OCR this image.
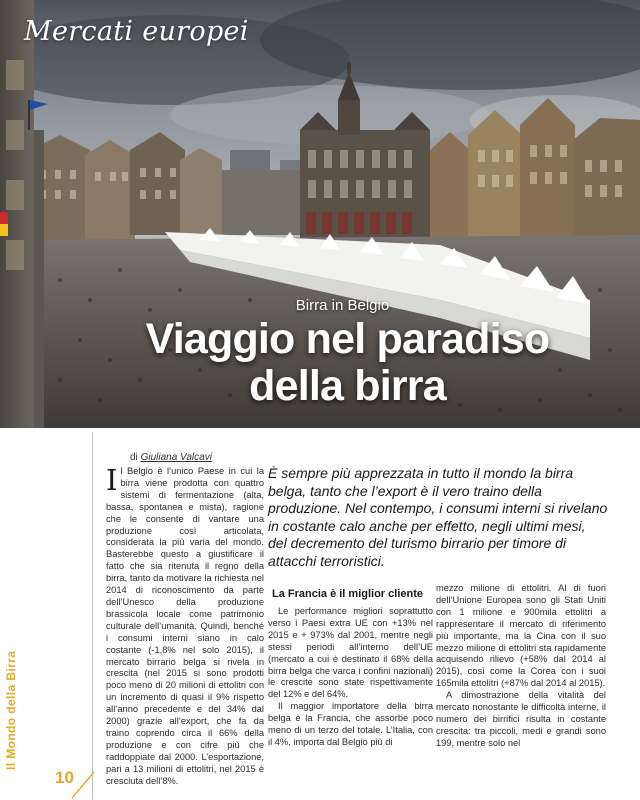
Mercati europei
Birra in Belgio
Viaggio nel paradiso
della birra
Il Mondo della Birra
10
di Giuliana Valcavi

Il Belgio è l’unico Paese in cui la birra viene prodotta con quattro sistemi di fermentazione (alta, bassa, spontanea e mista), ragione che le consente di vantare una produzione così articolata, considerata la più varia del mondo. Basterebbe questo a giustificare il fatto che sia ritenuta il regno della birra, tanto da motivare la richiesta nel 2014 di riconoscimento da parte dell’Unesco della produzione brassicola locale come patrimonio culturale dell’umanità. Quindi, benché i consumi interni siano in calo costante (-1,8% nel solo 2015), il mercato birrario belga si rivela in crescita (nel 2015 si sono prodotti poco meno di 20 milioni di ettolitri con un incremento di quasi il 9% rispetto all’anno precedente e del 34% dal 2000) grazie all’export, che fa da traino coprendo circa il 66% della produzione e con cifre più che raddoppiate dal 2000. L’esportazione, pari a 13 milioni di ettolitri, nel 2015 è cresciuta dell’8%.

È sempre più apprezzata in tutto il mondo la birra belga, tanto che l’export è il vero traino della produzione. Nel contempo, i consumi interni si rivelano in costante calo anche per effetto, negli ultimi mesi, del decremento del turismo birrario per timore di attacchi terroristici.
La Francia è il miglior cliente

Le performance migliori soprattutto verso i Paesi extra UE con +13% nel 2015 e + 973% dal 2001, mentre negli stessi periodi all’interno dell’UE (mercato a cui è destinato il 68% della birra belga che varca i confini nazionali) le crescite sono state rispettivamente del 12% e del 64%.

Il maggior importatore della birra belga è la Francia, che assorbe poco meno di un terzo del totale. L’Italia, con il 4%, importa dal Belgio più di

mezzo milione di ettolitri. Al di fuori dell’Unione Europea sono gli Stati Uniti con 1 milione e 900mila ettolitri a rappresentare il mercato di riferimento più importante, ma la Cina con il suo mezzo milione di ettolitri sta rapidamente acquisendo rilievo (+58% dal 2014 al 2015), così come la Corea con i suoi 165mila ettolitri (+87% dal 2014 al 2015).

A dimostrazione della vitalità del mercato nonostante le difficoltà interne, il numero dei birrifici risulta in costante crescita: tra piccoli, medi e grandi sono 199, mentre solo nel
